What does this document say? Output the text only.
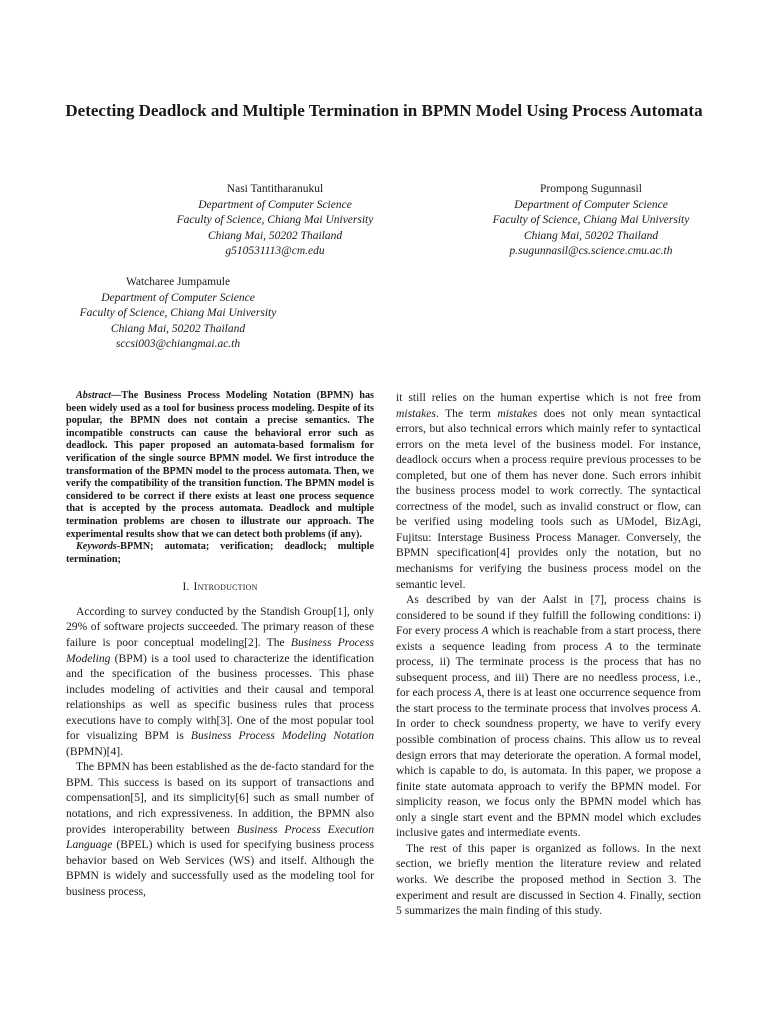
Detecting Deadlock and Multiple Termination in BPMN Model Using Process Automata
Nasi Tantitharanukul
Department of Computer Science
Faculty of Science, Chiang Mai University
Chiang Mai, 50202 Thailand
g510531113@cm.edu
Prompong Sugunnasil
Department of Computer Science
Faculty of Science, Chiang Mai University
Chiang Mai, 50202 Thailand
p.sugunnasil@cs.science.cmu.ac.th
Watcharee Jumpamule
Department of Computer Science
Faculty of Science, Chiang Mai University
Chiang Mai, 50202 Thailand
sccsi003@chiangmai.ac.th

Abstract—The Business Process Modeling Notation (BPMN) has been widely used as a tool for business process modeling. Despite of its popular, the BPMN does not contain a precise semantics. The incompatible constructs can cause the behavioral error such as deadlock. This paper proposed an automata-based formalism for verification of the single source BPMN model. We first introduce the transformation of the BPMN model to the process automata. Then, we verify the compatibility of the transition function. The BPMN model is considered to be correct if there exists at least one process sequence that is accepted by the process automata. Deadlock and multiple termination problems are chosen to illustrate our approach. The experimental results show that we can detect both problems (if any).

Keywords-BPMN; automata; verification; deadlock; multiple termination;

I. Introduction

According to survey conducted by the Standish Group[1], only 29% of software projects succeeded. The primary reason of these failure is poor conceptual modeling[2]. The Business Process Modeling (BPM) is a tool used to characterize the identification and the specification of the business processes. This phase includes modeling of activities and their causal and temporal relationships as well as specific business rules that process executions have to comply with[3]. One of the most popular tool for visualizing BPM is Business Process Modeling Notation (BPMN)[4].

The BPMN has been established as the de-facto standard for the BPM. This success is based on its support of transactions and compensation[5], and its simplicity[6] such as small number of notations, and rich expressiveness. In addition, the BPMN also provides interoperability between Business Process Execution Language (BPEL) which is used for specifying business process behavior based on Web Services (WS) and itself. Although the BPMN is widely and successfully used as the modeling tool for business process,

it still relies on the human expertise which is not free from mistakes. The term mistakes does not only mean syntactical errors, but also technical errors which mainly refer to syntactical errors on the meta level of the business model. For instance, deadlock occurs when a process require previous processes to be completed, but one of them has never done. Such errors inhibit the business process model to work correctly. The syntactical correctness of the model, such as invalid construct or flow, can be verified using modeling tools such as UModel, BizAgi, Fujitsu: Interstage Business Process Manager. Conversely, the BPMN specification[4] provides only the notation, but no mechanisms for verifying the business process model on the semantic level.

As described by van der Aalst in [7], process chains is considered to be sound if they fulfill the following conditions: i) For every process A which is reachable from a start process, there exists a sequence leading from process A to the terminate process, ii) The terminate process is the process that has no subsequent process, and iii) There are no needless process, i.e., for each process A, there is at least one occurrence sequence from the start process to the terminate process that involves process A. In order to check soundness property, we have to verify every possible combination of process chains. This allow us to reveal design errors that may deteriorate the operation. A formal model, which is capable to do, is automata. In this paper, we propose a finite state automata approach to verify the BPMN model. For simplicity reason, we focus only the BPMN model which has only a single start event and the BPMN model which excludes inclusive gates and intermediate events.

The rest of this paper is organized as follows. In the next section, we briefly mention the literature review and related works. We describe the proposed method in Section 3. The experiment and result are discussed in Section 4. Finally, section 5 summarizes the main finding of this study.
